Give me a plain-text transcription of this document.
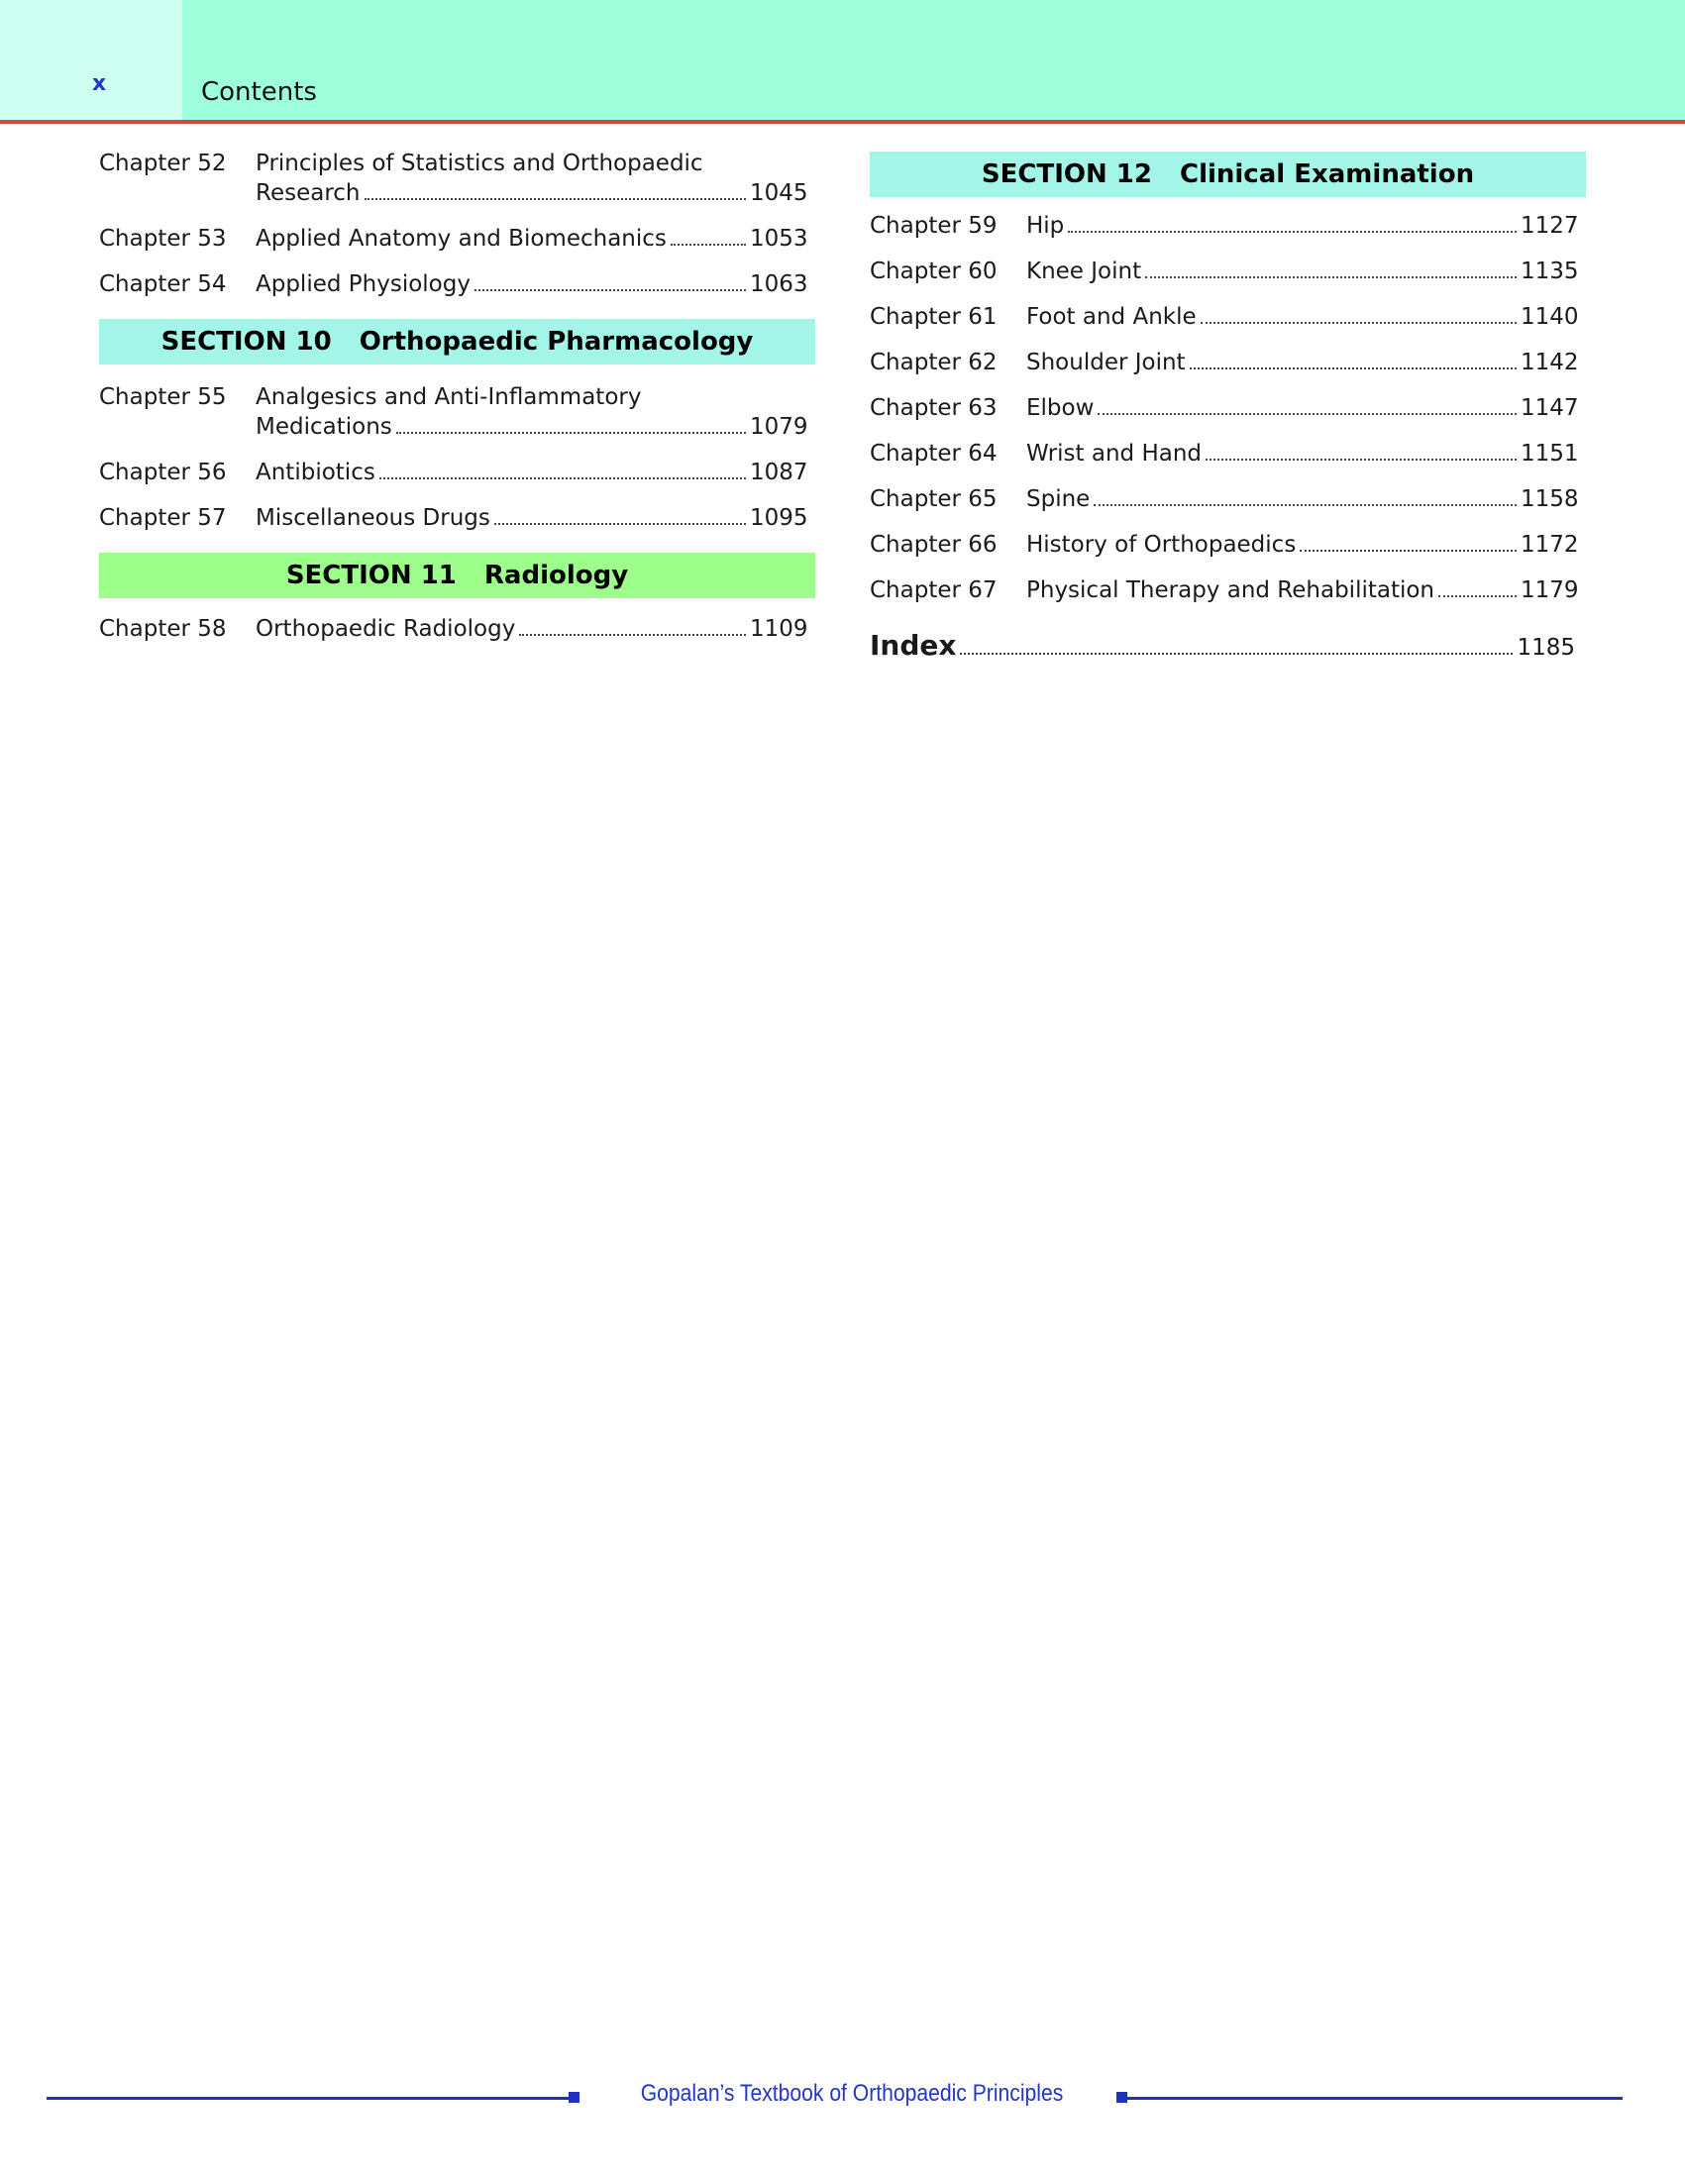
x	Contents
Chapter 52	Principles of Statistics and Orthopaedic
Research	1045
Chapter 53	Applied Anatomy and Biomechanics	1053
Chapter 54	Applied Physiology	1063
SECTION 10 Orthopaedic Pharmacology
Chapter 55	Analgesics and Anti-Inflammatory
Medications	1079
Chapter 56	Antibiotics	1087
Chapter 57	Miscellaneous Drugs	1095
SECTION 11 Radiology
Chapter 58	Orthopaedic Radiology	1109
SECTION 12 Clinical Examination
Chapter 59	Hip	1127
Chapter 60	Knee Joint	1135
Chapter 61	Foot and Ankle	1140
Chapter 62	Shoulder Joint	1142
Chapter 63	Elbow	1147
Chapter 64	Wrist and Hand	1151
Chapter 65	Spine	1158
Chapter 66	History of Orthopaedics	1172
Chapter 67	Physical Therapy and Rehabilitation	1179
Index	1185
Gopalan’s Textbook of Orthopaedic Principles
